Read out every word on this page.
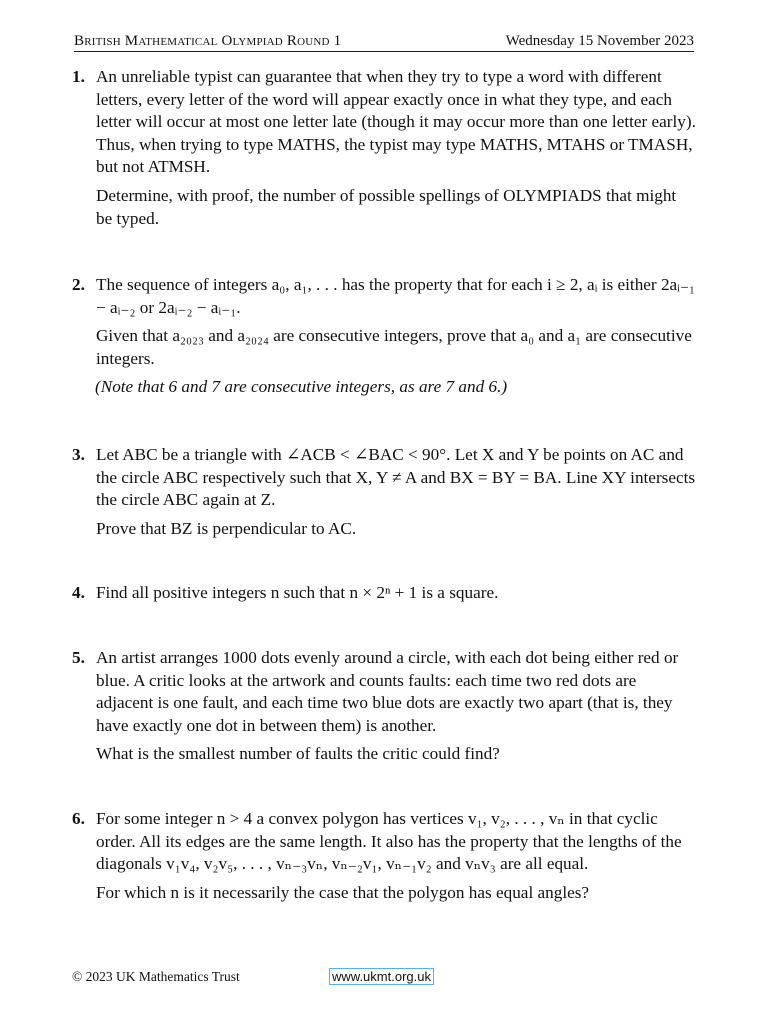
British Mathematical Olympiad Round 1	Wednesday 15 November 2023
1. An unreliable typist can guarantee that when they try to type a word with different letters, every letter of the word will appear exactly once in what they type, and each letter will occur at most one letter late (though it may occur more than one letter early). Thus, when trying to type MATHS, the typist may type MATHS, MTAHS or TMASH, but not ATMSH.

Determine, with proof, the number of possible spellings of OLYMPIADS that might be typed.

2. The sequence of integers a₀, a₁, . . . has the property that for each i ≥ 2, aᵢ is either 2aᵢ₋₁ − aᵢ₋₂ or 2aᵢ₋₂ − aᵢ₋₁.

Given that a₂₀₂₃ and a₂₀₂₄ are consecutive integers, prove that a₀ and a₁ are consecutive integers.

(Note that 6 and 7 are consecutive integers, as are 7 and 6.)

3. Let ABC be a triangle with ∠ACB < ∠BAC < 90°. Let X and Y be points on AC and the circle ABC respectively such that X, Y ≠ A and BX = BY = BA. Line XY intersects the circle ABC again at Z.

Prove that BZ is perpendicular to AC.

4. Find all positive integers n such that n × 2ⁿ + 1 is a square.

5. An artist arranges 1000 dots evenly around a circle, with each dot being either red or blue. A critic looks at the artwork and counts faults: each time two red dots are adjacent is one fault, and each time two blue dots are exactly two apart (that is, they have exactly one dot in between them) is another.

What is the smallest number of faults the critic could find?

6. For some integer n > 4 a convex polygon has vertices v₁, v₂, . . . , vₙ in that cyclic order. All its edges are the same length. It also has the property that the lengths of the diagonals v₁v₄, v₂v₅, . . . , vₙ₋₃vₙ, vₙ₋₂v₁, vₙ₋₁v₂ and vₙv₃ are all equal.

For which n is it necessarily the case that the polygon has equal angles?

© 2023 UK Mathematics Trust	www.ukmt.org.uk
